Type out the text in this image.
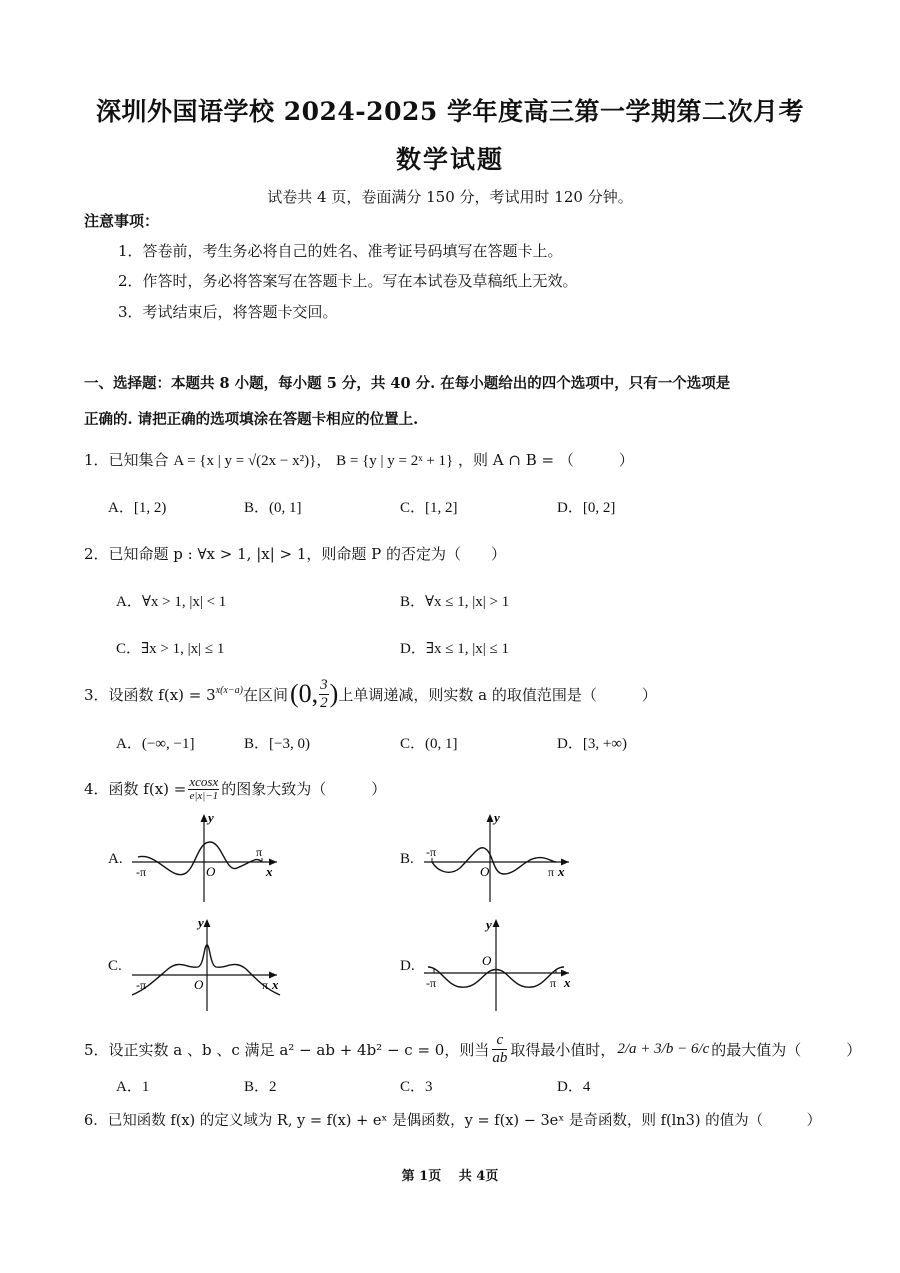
深圳外国语学校 2024-2025 学年度高三第一学期第二次月考
数学试题
试卷共 4 页，卷面满分 150 分，考试用时 120 分钟。
注意事项：
1．答卷前，考生务必将自己的姓名、准考证号码填写在答题卡上。
2．作答时，务必将答案写在答题卡上。写在本试卷及草稿纸上无效。
3．考试结束后，将答题卡交回。
一、选择题：本题共 8 小题，每小题 5 分，共 40 分. 在每小题给出的四个选项中，只有一个选项是
正确的. 请把正确的选项填涂在答题卡相应的位置上.
1．已知集合 A = {x | y = √(2x − x²)}， B = {y | y = 2ˣ + 1} ，则 A ∩ B = （　　　）
A．[1, 2)	B．(0, 1]	C．[1, 2]	D．[0, 2]
2．已知命题 p : ∀x > 1, |x| > 1，则命题 P 的否定为（　　）
A．∀x > 1, |x| < 1	B．∀x ≤ 1, |x| > 1
C．∃x > 1, |x| ≤ 1	D．∃x ≤ 1, |x| ≤ 1
3．设函数 $f(x) = 3^{x(x-a)}$ 在区间 (0, $\frac{3}{2}$ ) 上单调递减，则实数 a 的取值范围是（　　　）
A．(−∞, −1]	B．[−3, 0)	C．(0, 1]	D．[3, +∞)
4．函数 $f(x) = \frac{xcosx}{e|x|-1}$ 的图象大致为（　　　）
A.	B.
C.	D.
y
x
O
π
-π
y
x
O	π
-π
y
x
O	π
-π
y
x
O
π
-π
5．设正实数 a 、b 、c 满足 a² − ab + 4b² − c = 0，则当 $\frac{c}{ab}$ 取得最小值时， 2/a + 3/b − 6/c 的最大值为（　　　）
A．1	B．2	C．3	D．4
6．已知函数 f(x) 的定义域为 R, y = f(x) + eˣ 是偶函数，y = f(x) − 3eˣ 是奇函数，则 f(ln3) 的值为（　　　）
第 1页　 共 4页
